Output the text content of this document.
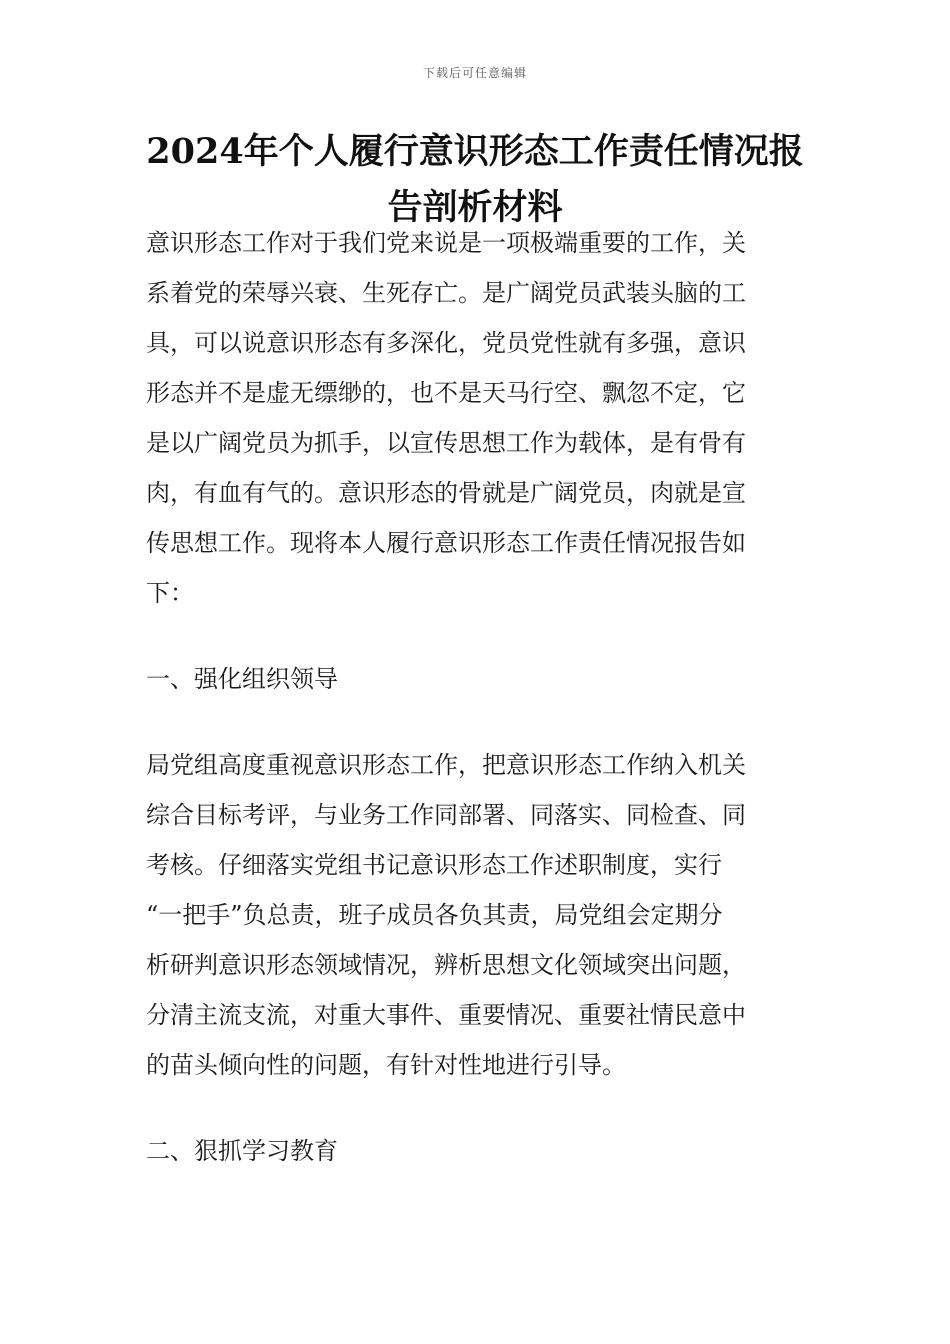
下载后可任意编辑
2024年个人履行意识形态工作责任情况报
告剖析材料
意识形态工作对于我们党来说是一项极端重要的工作，关
系着党的荣辱兴衰、生死存亡。是广阔党员武装头脑的工
具，可以说意识形态有多深化，党员党性就有多强，意识
形态并不是虚无缥缈的，也不是天马行空、飘忽不定，它
是以广阔党员为抓手，以宣传思想工作为载体，是有骨有
肉，有血有气的。意识形态的骨就是广阔党员，肉就是宣
传思想工作。现将本人履行意识形态工作责任情况报告如
下：
一、强化组织领导
局党组高度重视意识形态工作，把意识形态工作纳入机关
综合目标考评，与业务工作同部署、同落实、同检查、同
考核。仔细落实党组书记意识形态工作述职制度，实行
“一把手”负总责，班子成员各负其责，局党组会定期分
析研判意识形态领域情况，辨析思想文化领域突出问题，
分清主流支流，对重大事件、重要情况、重要社情民意中
的苗头倾向性的问题，有针对性地进行引导。
二、狠抓学习教育
